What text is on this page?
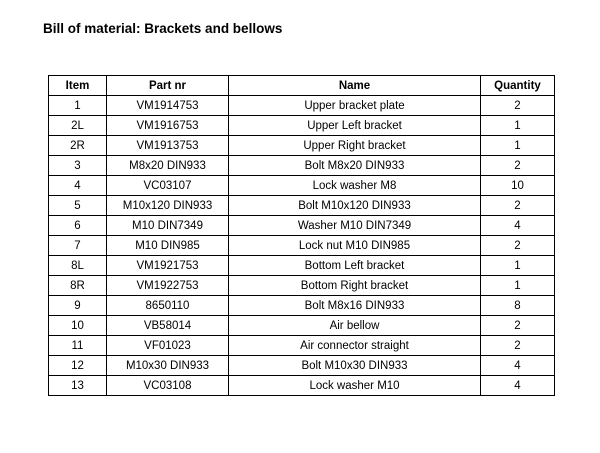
Bill of material: Brackets and bellows
Item	Part nr	Name	Quantity
1	VM1914753	Upper bracket plate	2
2L	VM1916753	Upper Left bracket	1
2R	VM1913753	Upper Right bracket	1
3	M8x20 DIN933	Bolt M8x20 DIN933	2
4	VC03107	Lock washer M8	10
5	M10x120 DIN933	Bolt M10x120 DIN933	2
6	M10 DIN7349	Washer M10 DIN7349	4
7	M10 DIN985	Lock nut M10 DIN985	2
8L	VM1921753	Bottom Left bracket	1
8R	VM1922753	Bottom Right bracket	1
9	8650110	Bolt M8x16 DIN933	8
10	VB58014	Air bellow	2
11	VF01023	Air connector straight	2
12	M10x30 DIN933	Bolt M10x30 DIN933	4
13	VC03108	Lock washer M10	4
